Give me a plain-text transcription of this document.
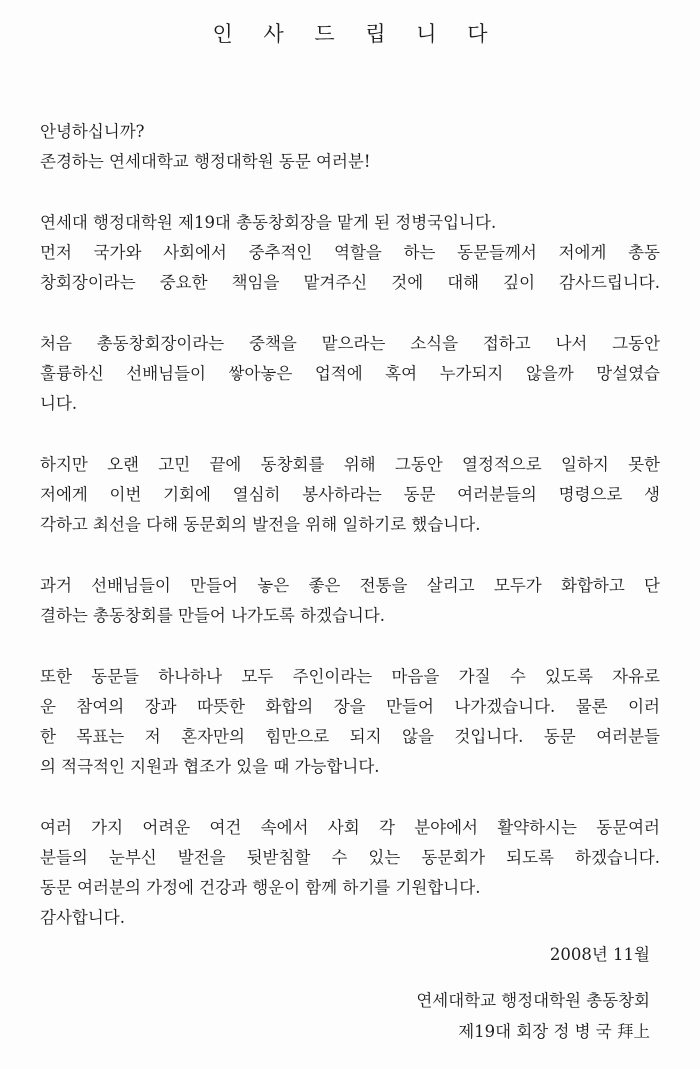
인 사 드 립 니 다
안녕하십니까?
존경하는 연세대학교 행정대학원 동문 여러분!
연세대 행정대학원 제19대 총동창회장을 맡게 된 정병국입니다.
먼저 국가와 사회에서 중추적인 역할을 하는 동문들께서 저에게 총동
창회장이라는 중요한 책임을 맡겨주신 것에 대해 깊이 감사드립니다.
처음 총동창회장이라는 중책을 맡으라는 소식을 접하고 나서 그동안
훌륭하신 선배님들이 쌓아놓은 업적에 혹여 누가되지 않을까 망설였습
니다.
하지만 오랜 고민 끝에 동창회를 위해 그동안 열정적으로 일하지 못한
저에게 이번 기회에 열심히 봉사하라는 동문 여러분들의 명령으로 생
각하고 최선을 다해 동문회의 발전을 위해 일하기로 했습니다.
과거 선배님들이 만들어 놓은 좋은 전통을 살리고 모두가 화합하고 단
결하는 총동창회를 만들어 나가도록 하겠습니다.
또한 동문들 하나하나 모두 주인이라는 마음을 가질 수 있도록 자유로
운 참여의 장과 따뜻한 화합의 장을 만들어 나가겠습니다. 물론 이러
한 목표는 저 혼자만의 힘만으로 되지 않을 것입니다. 동문 여러분들
의 적극적인 지원과 협조가 있을 때 가능합니다.
여러 가지 어려운 여건 속에서 사회 각 분야에서 활약하시는 동문여러
분들의 눈부신 발전을 뒷받침할 수 있는 동문회가 되도록 하겠습니다.
동문 여러분의 가정에 건강과 행운이 함께 하기를 기원합니다.
감사합니다.
2008년 11월
연세대학교 행정대학원 총동창회
제19대 회장 정 병 국 拜上
